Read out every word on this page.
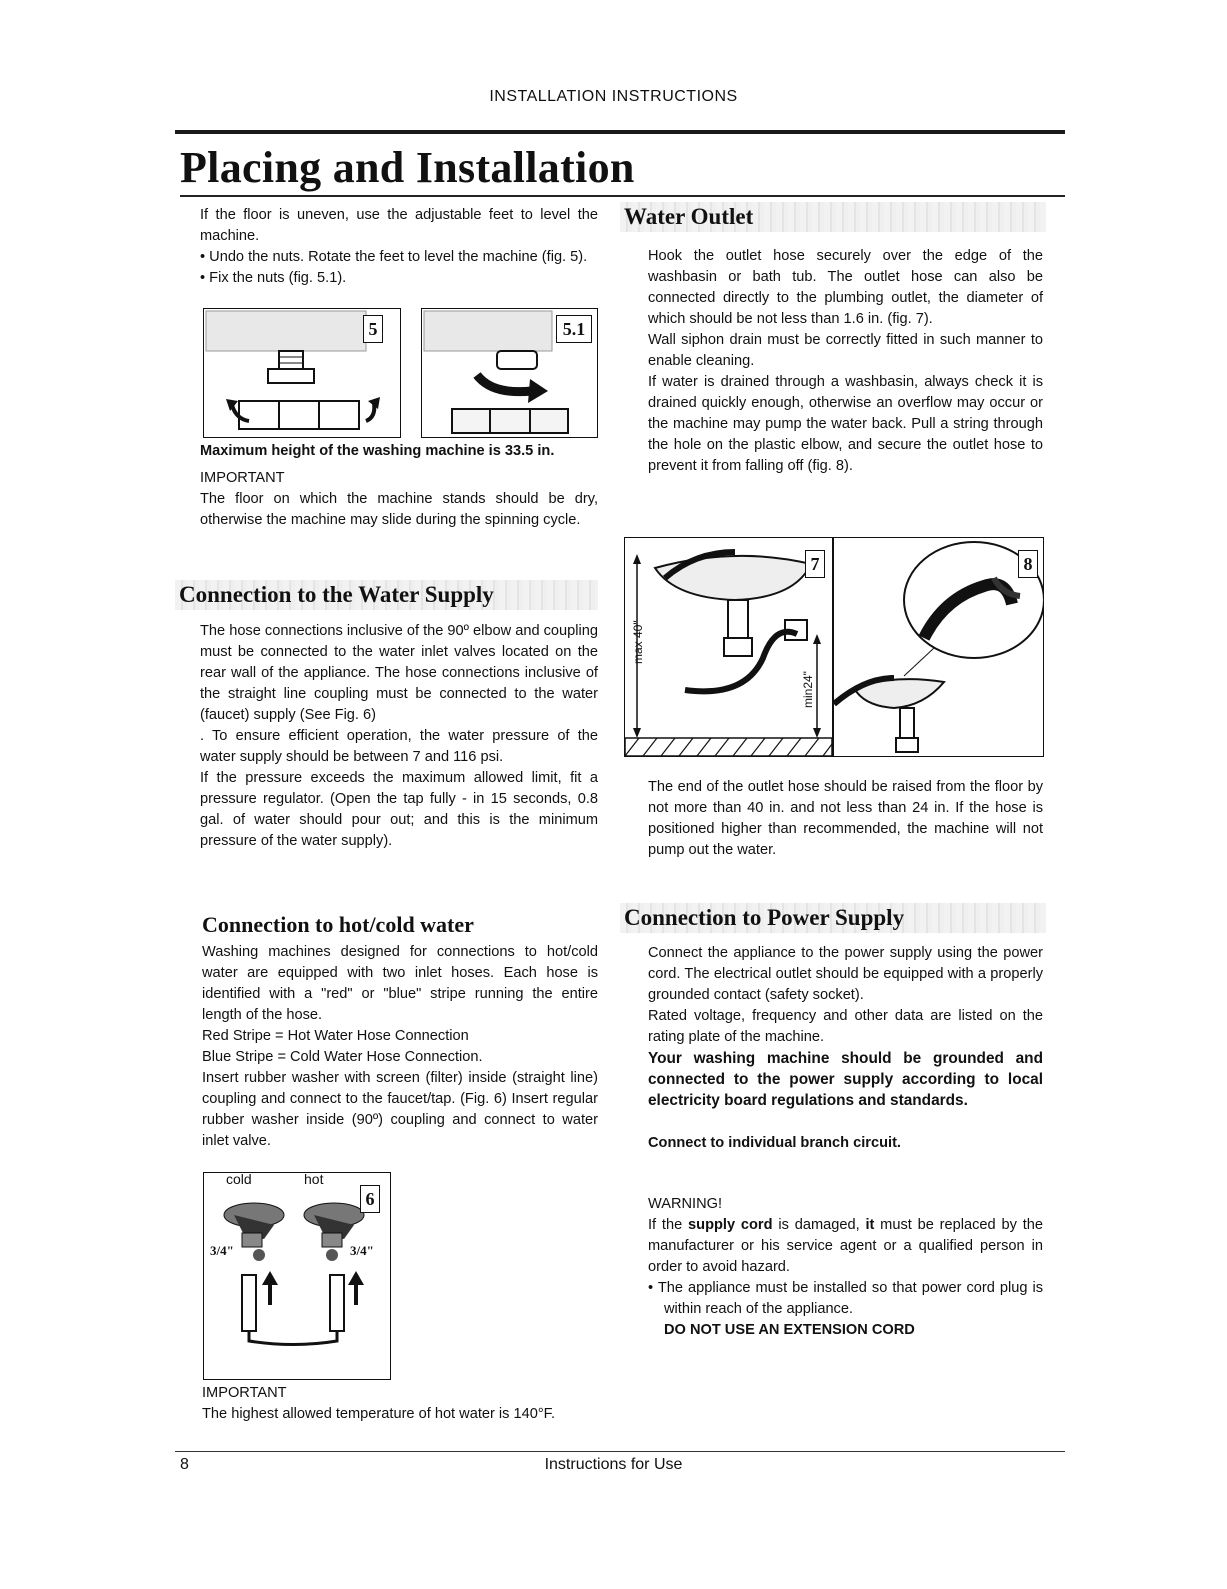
INSTALLATION INSTRUCTIONS
Placing and Installation

If the floor is uneven, use the adjustable feet to level the machine.

• Undo the nuts. Rotate the feet to level the machine (fig. 5).

• Fix the nuts (fig. 5.1).

5	5.1

Maximum height of the washing machine is 33.5 in.

IMPORTANT

The floor on which the machine stands should be dry, otherwise the machine may slide during the spinning cycle.

Connection to the Water Supply

The hose connections inclusive of the 90º elbow and coupling must be connected to the water inlet valves located on the rear wall of the appliance. The hose connections inclusive of the straight line coupling must be connected to the water (faucet) supply (See Fig. 6)

. To ensure efficient operation, the water pressure of the water supply should be between 7 and 116 psi.

If the pressure exceeds the maximum allowed limit, fit a pressure regulator. (Open the tap fully - in 15 seconds, 0.8 gal. of water should pour out; and this is the minimum pressure of the water supply).

Connection to hot/cold water

Washing machines designed for connections to hot/cold water are equipped with two inlet hoses. Each hose is identified with a "red" or "blue" stripe running the entire length of the hose.

Red Stripe = Hot Water Hose Connection

Blue Stripe = Cold Water Hose Connection.

Insert rubber washer with screen (filter) inside (straight line) coupling and connect to the faucet/tap. (Fig. 6) Insert regular rubber washer inside (90º) coupling and connect to water inlet valve.

cold	hot
3/4"	3/4"
6

IMPORTANT

The highest allowed temperature of hot water is 140°F.

Water Outlet

Hook the outlet hose securely over the edge of the washbasin or bath tub. The outlet hose can also be connected directly to the plumbing outlet, the diameter of which should be not less than 1.6 in. (fig. 7).

Wall siphon drain must be correctly fitted in such manner to enable cleaning.

If water is drained through a washbasin, always check it is drained quickly enough, otherwise an overflow may occur or the machine may pump the water back. Pull a string through the hole on the plastic elbow, and secure the outlet hose to prevent it from falling off (fig. 8).

max 40"
min24"
7	8

The end of the outlet hose should be raised from the floor by not more than 40 in. and not less than 24 in. If the hose is positioned higher than recommended, the machine will not pump out the water.

Connection to Power Supply

Connect the appliance to the power supply using the power cord. The electrical outlet should be equipped with a properly grounded contact (safety socket).

Rated voltage, frequency and other data are listed on the rating plate of the machine.

Your washing machine should be grounded and connected to the power supply according to local electricity board regulations and standards.

Connect to individual branch circuit.

WARNING!

If the supply cord is damaged, it must be replaced by the manufacturer or his service agent or a qualified person in order to avoid hazard.

• The appliance must be installed so that power cord plug is within reach of the appliance.

DO NOT USE AN EXTENSION CORD

8	Instructions for Use
